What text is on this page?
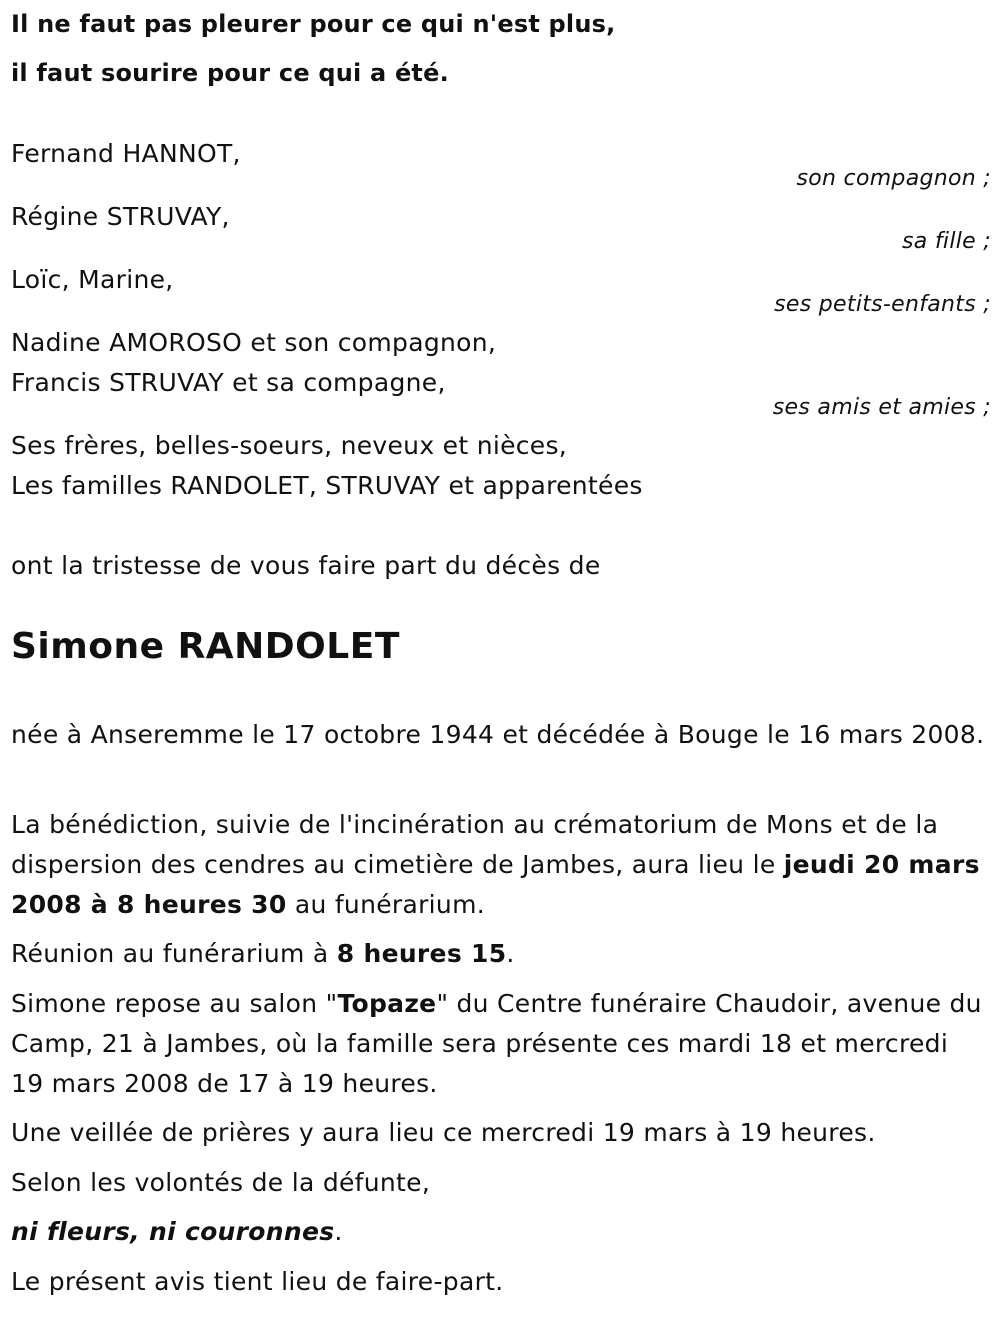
Il ne faut pas pleurer pour ce qui n'est plus,
il faut sourire pour ce qui a été.
Fernand HANNOT,
son compagnon ;
Régine STRUVAY,
sa fille ;
Loïc, Marine,
ses petits-enfants ;
Nadine AMOROSO et son compagnon,
Francis STRUVAY et sa compagne,
ses amis et amies ;
Ses frères, belles-soeurs, neveux et nièces,
Les familles RANDOLET, STRUVAY et apparentées
ont la tristesse de vous faire part du décès de
Simone RANDOLET
née à Anseremme le 17 octobre 1944 et décédée à Bouge le 16 mars 2008.
La bénédiction, suivie de l'incinération au crématorium de Mons et de la dispersion des cendres au cimetière de Jambes, aura lieu le jeudi 20 mars 2008 à 8 heures 30 au funérarium.
Réunion au funérarium à 8 heures 15.
Simone repose au salon "Topaze" du Centre funéraire Chaudoir, avenue du Camp, 21 à Jambes, où la famille sera présente ces mardi 18 et mercredi 19 mars 2008 de 17 à 19 heures.
Une veillée de prières y aura lieu ce mercredi 19 mars à 19 heures.
Selon les volontés de la défunte,
ni fleurs, ni couronnes.
Le présent avis tient lieu de faire-part.
